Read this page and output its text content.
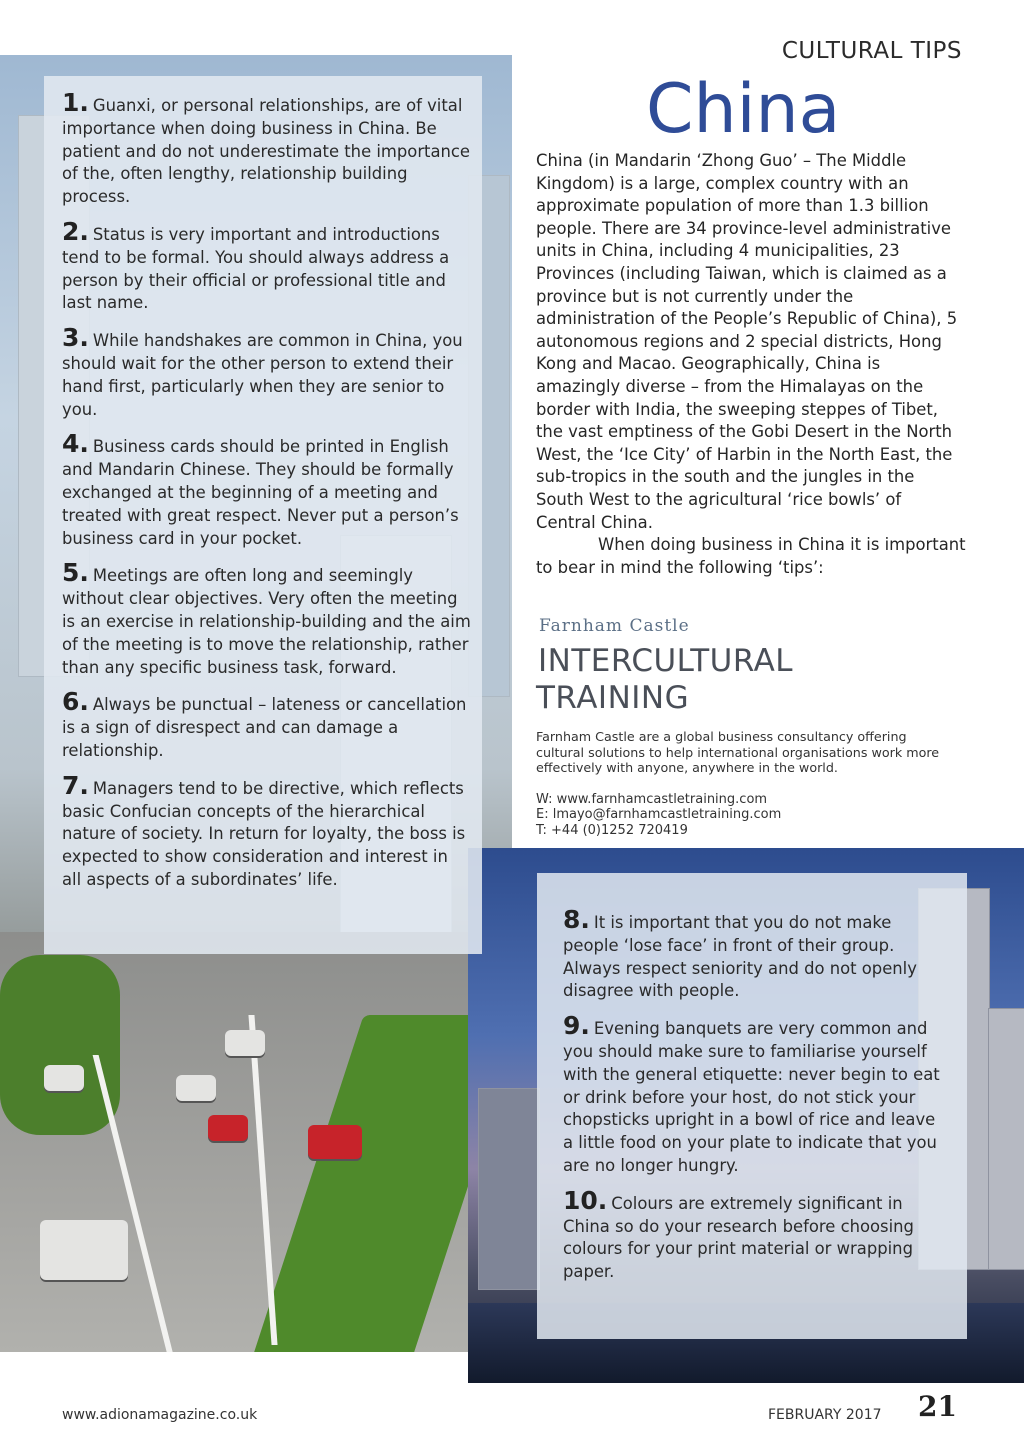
1. Guanxi, or personal relationships, are of vital importance when doing business in China. Be patient and do not underestimate the importance of the, often lengthy, relationship building process.

2. Status is very important and introductions tend to be formal. You should always address a person by their official or professional title and last name.

3. While handshakes are common in China, you should wait for the other person to extend their hand first, particularly when they are senior to you.

4. Business cards should be printed in English and Mandarin Chinese. They should be formally exchanged at the beginning of a meeting and treated with great respect. Never put a person’s business card in your pocket.

5. Meetings are often long and seemingly without clear objectives. Very often the meeting is an exercise in relationship-building and the aim of the meeting is to move the relationship, rather than any specific business task, forward.

6. Always be punctual – lateness or cancellation is a sign of disrespect and can damage a relationship.

7. Managers tend to be directive, which reflects basic Confucian concepts of the hierarchical nature of society. In return for loyalty, the boss is expected to show consideration and interest in all aspects of a subordinates’ life.

CULTURAL TIPS
China

China (in Mandarin ‘Zhong Guo’ – The Middle Kingdom) is a large, complex country with an approximate population of more than 1.3 billion people. There are 34 province-level administrative units in China, including 4 municipalities, 23 Provinces (including Taiwan, which is claimed as a province but is not currently under the administration of the People’s Republic of China), 5 autonomous regions and 2 special districts, Hong Kong and Macao. Geographically, China is amazingly diverse – from the Himalayas on the border with India, the sweeping steppes of Tibet, the vast emptiness of the Gobi Desert in the North West, the ‘Ice City’ of Harbin in the North East, the sub-tropics in the south and the jungles in the South West to the agricultural ‘rice bowls’ of Central China.

When doing business in China it is important to bear in mind the following ‘tips’:

Farnham Castle
INTERCULTURAL
TRAINING
Farnham Castle are a global business consultancy offering cultural solutions to help international organisations work more effectively with anyone, anywhere in the world.
W: www.farnhamcastletraining.com
E: lmayo@farnhamcastletraining.com
T: +44 (0)1252 720419

8. It is important that you do not make people ‘lose face’ in front of their group. Always respect seniority and do not openly disagree with people.

9. Evening banquets are very common and you should make sure to familiarise yourself with the general etiquette: never begin to eat or drink before your host, do not stick your chopsticks upright in a bowl of rice and leave a little food on your plate to indicate that you are no longer hungry.

10. Colours are extremely significant in China so do your research before choosing colours for your print material or wrapping paper.

www.adionamagazine.co.uk	FEBRUARY 2017 21
